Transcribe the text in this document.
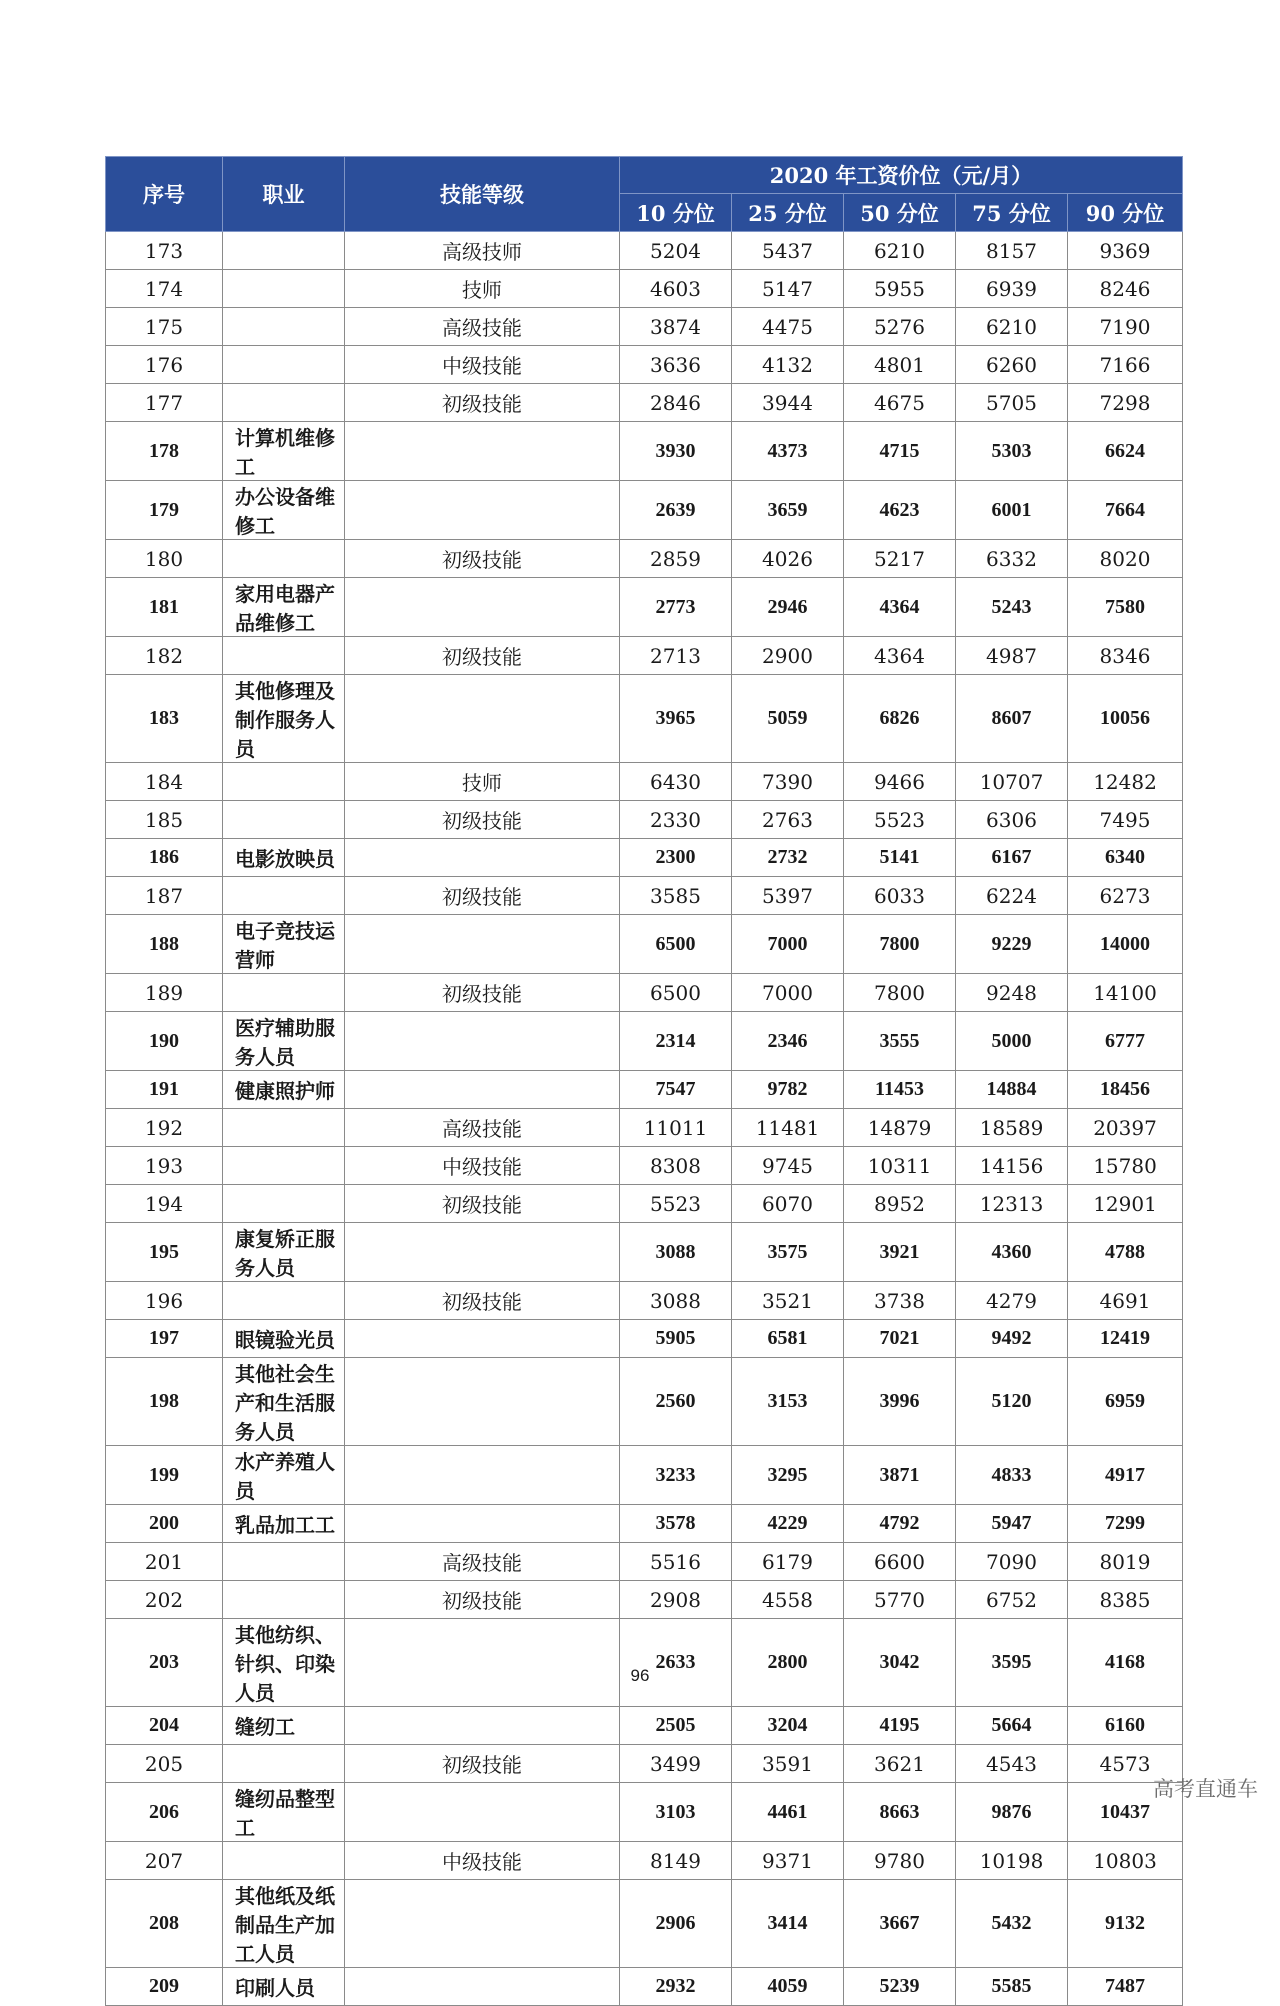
序号	职业	技能等级	2020 年工资价位（元/月）				
			10 分位	25 分位	50 分位	75 分位	90 分位
173		高级技师	5204	5437	6210	8157	9369
174		技师	4603	5147	5955	6939	8246
175		高级技能	3874	4475	5276	6210	7190
176		中级技能	3636	4132	4801	6260	7166
177		初级技能	2846	3944	4675	5705	7298
178	计算机维修工		3930	4373	4715	5303	6624
179	办公设备维修工		2639	3659	4623	6001	7664
180		初级技能	2859	4026	5217	6332	8020
181	家用电器产品维修工		2773	2946	4364	5243	7580
182		初级技能	2713	2900	4364	4987	8346
183	其他修理及制作服务人员		3965	5059	6826	8607	10056
184		技师	6430	7390	9466	10707	12482
185		初级技能	2330	2763	5523	6306	7495
186	电影放映员		2300	2732	5141	6167	6340
187		初级技能	3585	5397	6033	6224	6273
188	电子竞技运营师		6500	7000	7800	9229	14000
189		初级技能	6500	7000	7800	9248	14100
190	医疗辅助服务人员		2314	2346	3555	5000	6777
191	健康照护师		7547	9782	11453	14884	18456
192		高级技能	11011	11481	14879	18589	20397
193		中级技能	8308	9745	10311	14156	15780
194		初级技能	5523	6070	8952	12313	12901
195	康复矫正服务人员		3088	3575	3921	4360	4788
196		初级技能	3088	3521	3738	4279	4691
197	眼镜验光员		5905	6581	7021	9492	12419
198	其他社会生产和生活服务人员		2560	3153	3996	5120	6959
199	水产养殖人员		3233	3295	3871	4833	4917
200	乳品加工工		3578	4229	4792	5947	7299
201		高级技能	5516	6179	6600	7090	8019
202		初级技能	2908	4558	5770	6752	8385
203	其他纺织、针织、印染人员		2633	2800	3042	3595	4168
204	缝纫工		2505	3204	4195	5664	6160
205		初级技能	3499	3591	3621	4543	4573
206	缝纫品整型工		3103	4461	8663	9876	10437
207		中级技能	8149	9371	9780	10198	10803
208	其他纸及纸制品生产加工人员		2906	3414	3667	5432	9132
209	印刷人员		2932	4059	5239	5585	7487
96
高考直通车
